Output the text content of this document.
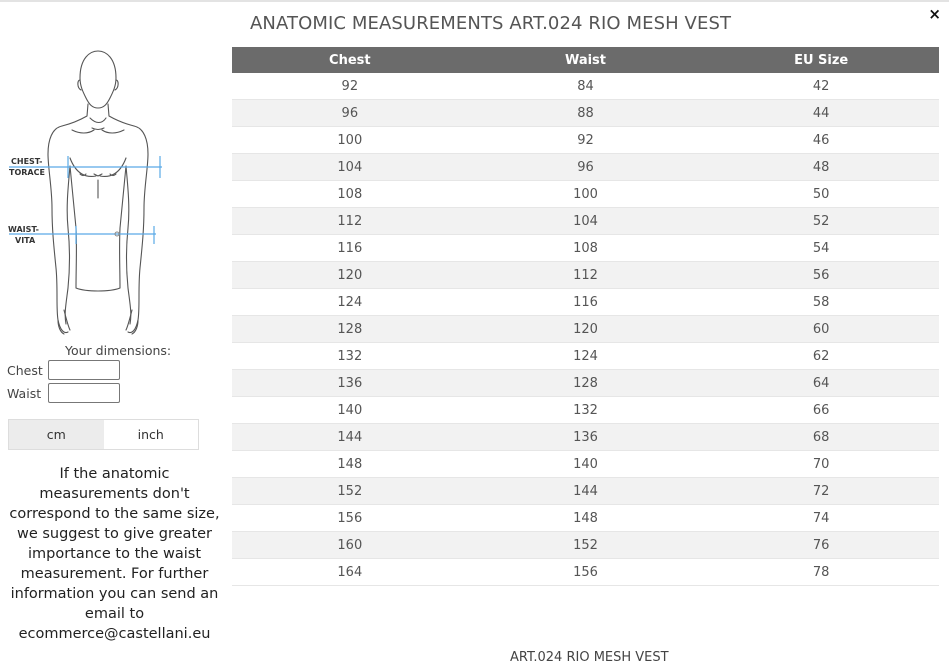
×
ANATOMIC MEASUREMENTS ART.024 RIO MESH VEST
CHEST-
TORACE
WAIST-
VITA
Your dimensions:
Chest
Waist
cm	inch
If the anatomic measurements don't correspond to the same size, we suggest to give greater importance to the waist measurement. For further information you can send an email to ecommerce@castellani.eu
Chest	Waist	EU Size
92	84	42
96	88	44
100	92	46
104	96	48
108	100	50
112	104	52
116	108	54
120	112	56
124	116	58
128	120	60
132	124	62
136	128	64
140	132	66
144	136	68
148	140	70
152	144	72
156	148	74
160	152	76
164	156	78
ART.024 RIO MESH VEST
